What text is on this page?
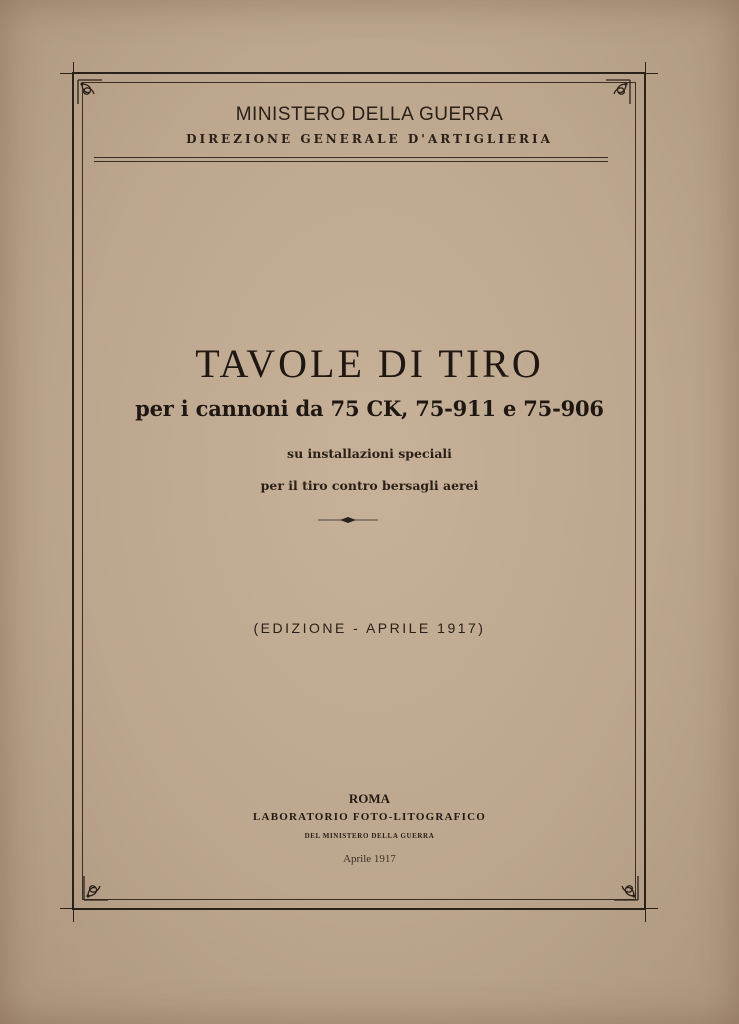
MINISTERO DELLA GUERRA
DIREZIONE GENERALE D'ARTIGLIERIA
TAVOLE DI TIRO
per i cannoni da 75 CK, 75-911 e 75-906
su installazioni speciali
per il tiro contro bersagli aerei
(EDIZIONE - APRILE 1917)
ROMA
LABORATORIO FOTO-LITOGRAFICO
DEL MINISTERO DELLA GUERRA
Aprile 1917
